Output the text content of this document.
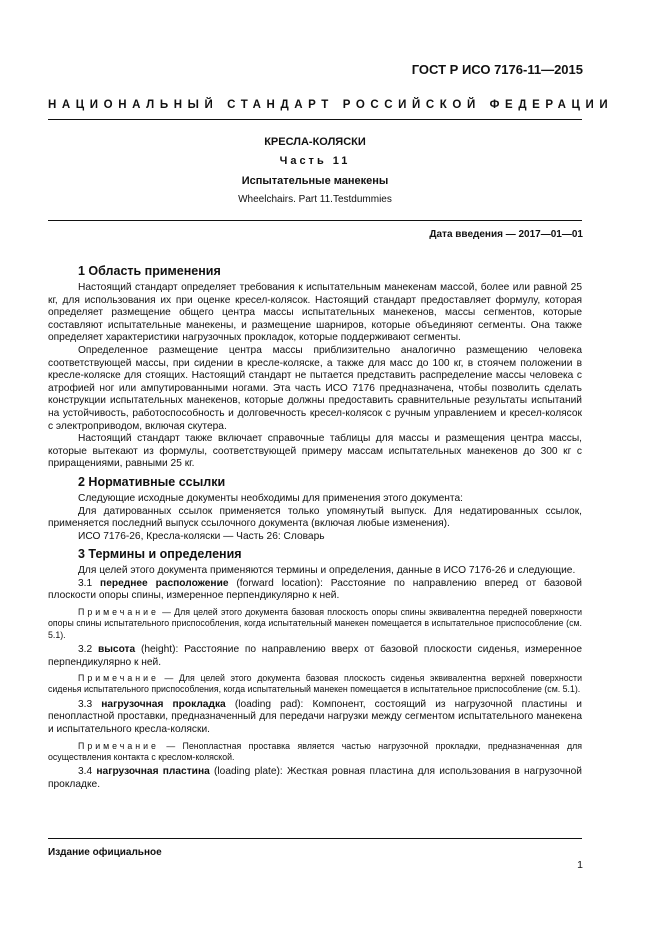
ГОСТ Р ИСО 7176-11—2015
НАЦИОНАЛЬНЫЙ СТАНДАРТ РОССИЙСКОЙ ФЕДЕРАЦИИ
КРЕСЛА-КОЛЯСКИ
Часть 11
Испытательные манекены
Wheelchairs. Part 11.Testdummies
Дата введения — 2017—01—01
1 Область применения

Настоящий стандарт определяет требования к испытательным манекенам массой, более или равной 25 кг, для использования их при оценке кресел-колясок. Настоящий стандарт предоставляет формулу, которая определяет размещение общего центра массы испытательных манекенов, массы сегментов, которые составляют испытательные манекены, и размещение шарниров, которые объединяют сегменты. Она также определяет характеристики нагрузочных прокладок, которые поддерживают сегменты.

Определенное размещение центра массы приблизительно аналогично размещению человека соответствующей массы, при сидении в кресле-коляске, а также для масс до 100 кг, в стоячем положении в кресле-коляске для стоящих. Настоящий стандарт не пытается представить распределение массы человека с атрофией ног или ампутированными ногами. Эта часть ИСО 7176 предназначена, чтобы позволить сделать конструкции испытательных манекенов, которые должны предоставить сравнительные результаты испытаний на устойчивость, работоспособность и долговечность кресел-колясок с ручным управлением и кресел-колясок с электроприводом, включая скутера.

Настоящий стандарт также включает справочные таблицы для массы и размещения центра массы, которые вытекают из формулы, соответствующей примеру массам испытательных манекенов до 300 кг с приращениями, равными 25 кг.

2 Нормативные ссылки

Следующие исходные документы необходимы для применения этого документа:

Для датированных ссылок применяется только упомянутый выпуск. Для недатированных ссылок, применяется последний выпуск ссылочного документа (включая любые изменения).

ИСО 7176-26, Кресла-коляски — Часть 26: Словарь

3 Термины и определения

Для целей этого документа применяются термины и определения, данные в ИСО 7176-26 и следующие.

3.1 переднее расположение (forward location): Расстояние по направлению вперед от базовой плоскости опоры спины, измеренное перпендикулярно к ней.

Примечание — Для целей этого документа базовая плоскость опоры спины эквивалентна передней поверхности опоры спины испытательного приспособления, когда испытательный манекен помещается в испытательное приспособление (см. 5.1).

3.2 высота (height): Расстояние по направлению вверх от базовой плоскости сиденья, измеренное перпендикулярно к ней.

Примечание — Для целей этого документа базовая плоскость сиденья эквивалентна верхней поверхности сиденья испытательного приспособления, когда испытательный манекен помещается в испытательное приспособление (см. 5.1).

3.3 нагрузочная прокладка (loading pad): Компонент, состоящий из нагрузочной пластины и пенопластной проставки, предназначенный для передачи нагрузки между сегментом испытательного манекена и испытательного кресла-коляски.

Примечание — Пенопластная проставка является частью нагрузочной прокладки, предназначенная для осуществления контакта с креслом-коляской.

3.4 нагрузочная пластина (loading plate): Жесткая ровная пластина для использования в нагрузочной прокладке.

Издание официальное
1
